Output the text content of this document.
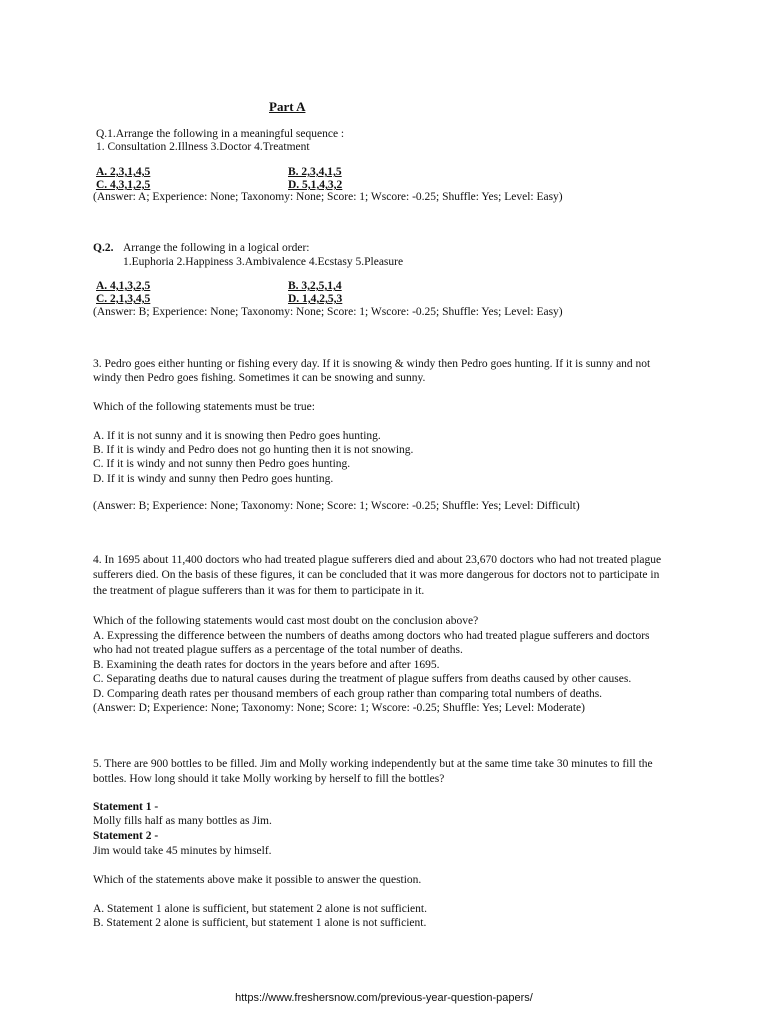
Part A
Q.1.Arrange the following in a meaningful sequence :
1. Consultation 2.Illness 3.Doctor 4.Treatment
A. 2,3,1,4,5	B. 2,3,4,1,5
C. 4,3,1,2,5	D. 5,1,4,3,2
(Answer: A; Experience: None; Taxonomy: None; Score: 1; Wscore: -0.25; Shuffle: Yes; Level: Easy)
Q.2. Arrange the following in a logical order:
1.Euphoria 2.Happiness 3.Ambivalence 4.Ecstasy 5.Pleasure
A. 4,1,3,2,5	B. 3,2,5,1,4
C. 2,1,3,4,5	D. 1,4,2,5,3
(Answer: B; Experience: None; Taxonomy: None; Score: 1; Wscore: -0.25; Shuffle: Yes; Level: Easy)
3. Pedro goes either hunting or fishing every day. If it is snowing & windy then Pedro goes hunting. If it is sunny and not
windy then Pedro goes fishing. Sometimes it can be snowing and sunny.
Which of the following statements must be true:
A. If it is not sunny and it is snowing then Pedro goes hunting.
B. If it is windy and Pedro does not go hunting then it is not snowing.
C. If it is windy and not sunny then Pedro goes hunting.
D. If it is windy and sunny then Pedro goes hunting.
(Answer: B; Experience: None; Taxonomy: None; Score: 1; Wscore: -0.25; Shuffle: Yes; Level: Difficult)
4. In 1695 about 11,400 doctors who had treated plague sufferers died and about 23,670 doctors who had not treated plague
sufferers died. On the basis of these figures, it can be concluded that it was more dangerous for doctors not to participate in
the treatment of plague sufferers than it was for them to participate in it.
Which of the following statements would cast most doubt on the conclusion above?
A. Expressing the difference between the numbers of deaths among doctors who had treated plague sufferers and doctors
who had not treated plague suffers as a percentage of the total number of deaths.
B. Examining the death rates for doctors in the years before and after 1695.
C. Separating deaths due to natural causes during the treatment of plague suffers from deaths caused by other causes.
D. Comparing death rates per thousand members of each group rather than comparing total numbers of deaths.
(Answer: D; Experience: None; Taxonomy: None; Score: 1; Wscore: -0.25; Shuffle: Yes; Level: Moderate)
5. There are 900 bottles to be filled. Jim and Molly working independently but at the same time take 30 minutes to fill the
bottles. How long should it take Molly working by herself to fill the bottles?
Statement 1 -
Molly fills half as many bottles as Jim.
Statement 2 -
Jim would take 45 minutes by himself.
Which of the statements above make it possible to answer the question.
A. Statement 1 alone is sufficient, but statement 2 alone is not sufficient.
B. Statement 2 alone is sufficient, but statement 1 alone is not sufficient.
https://www.freshersnow.com/previous-year-question-papers/
